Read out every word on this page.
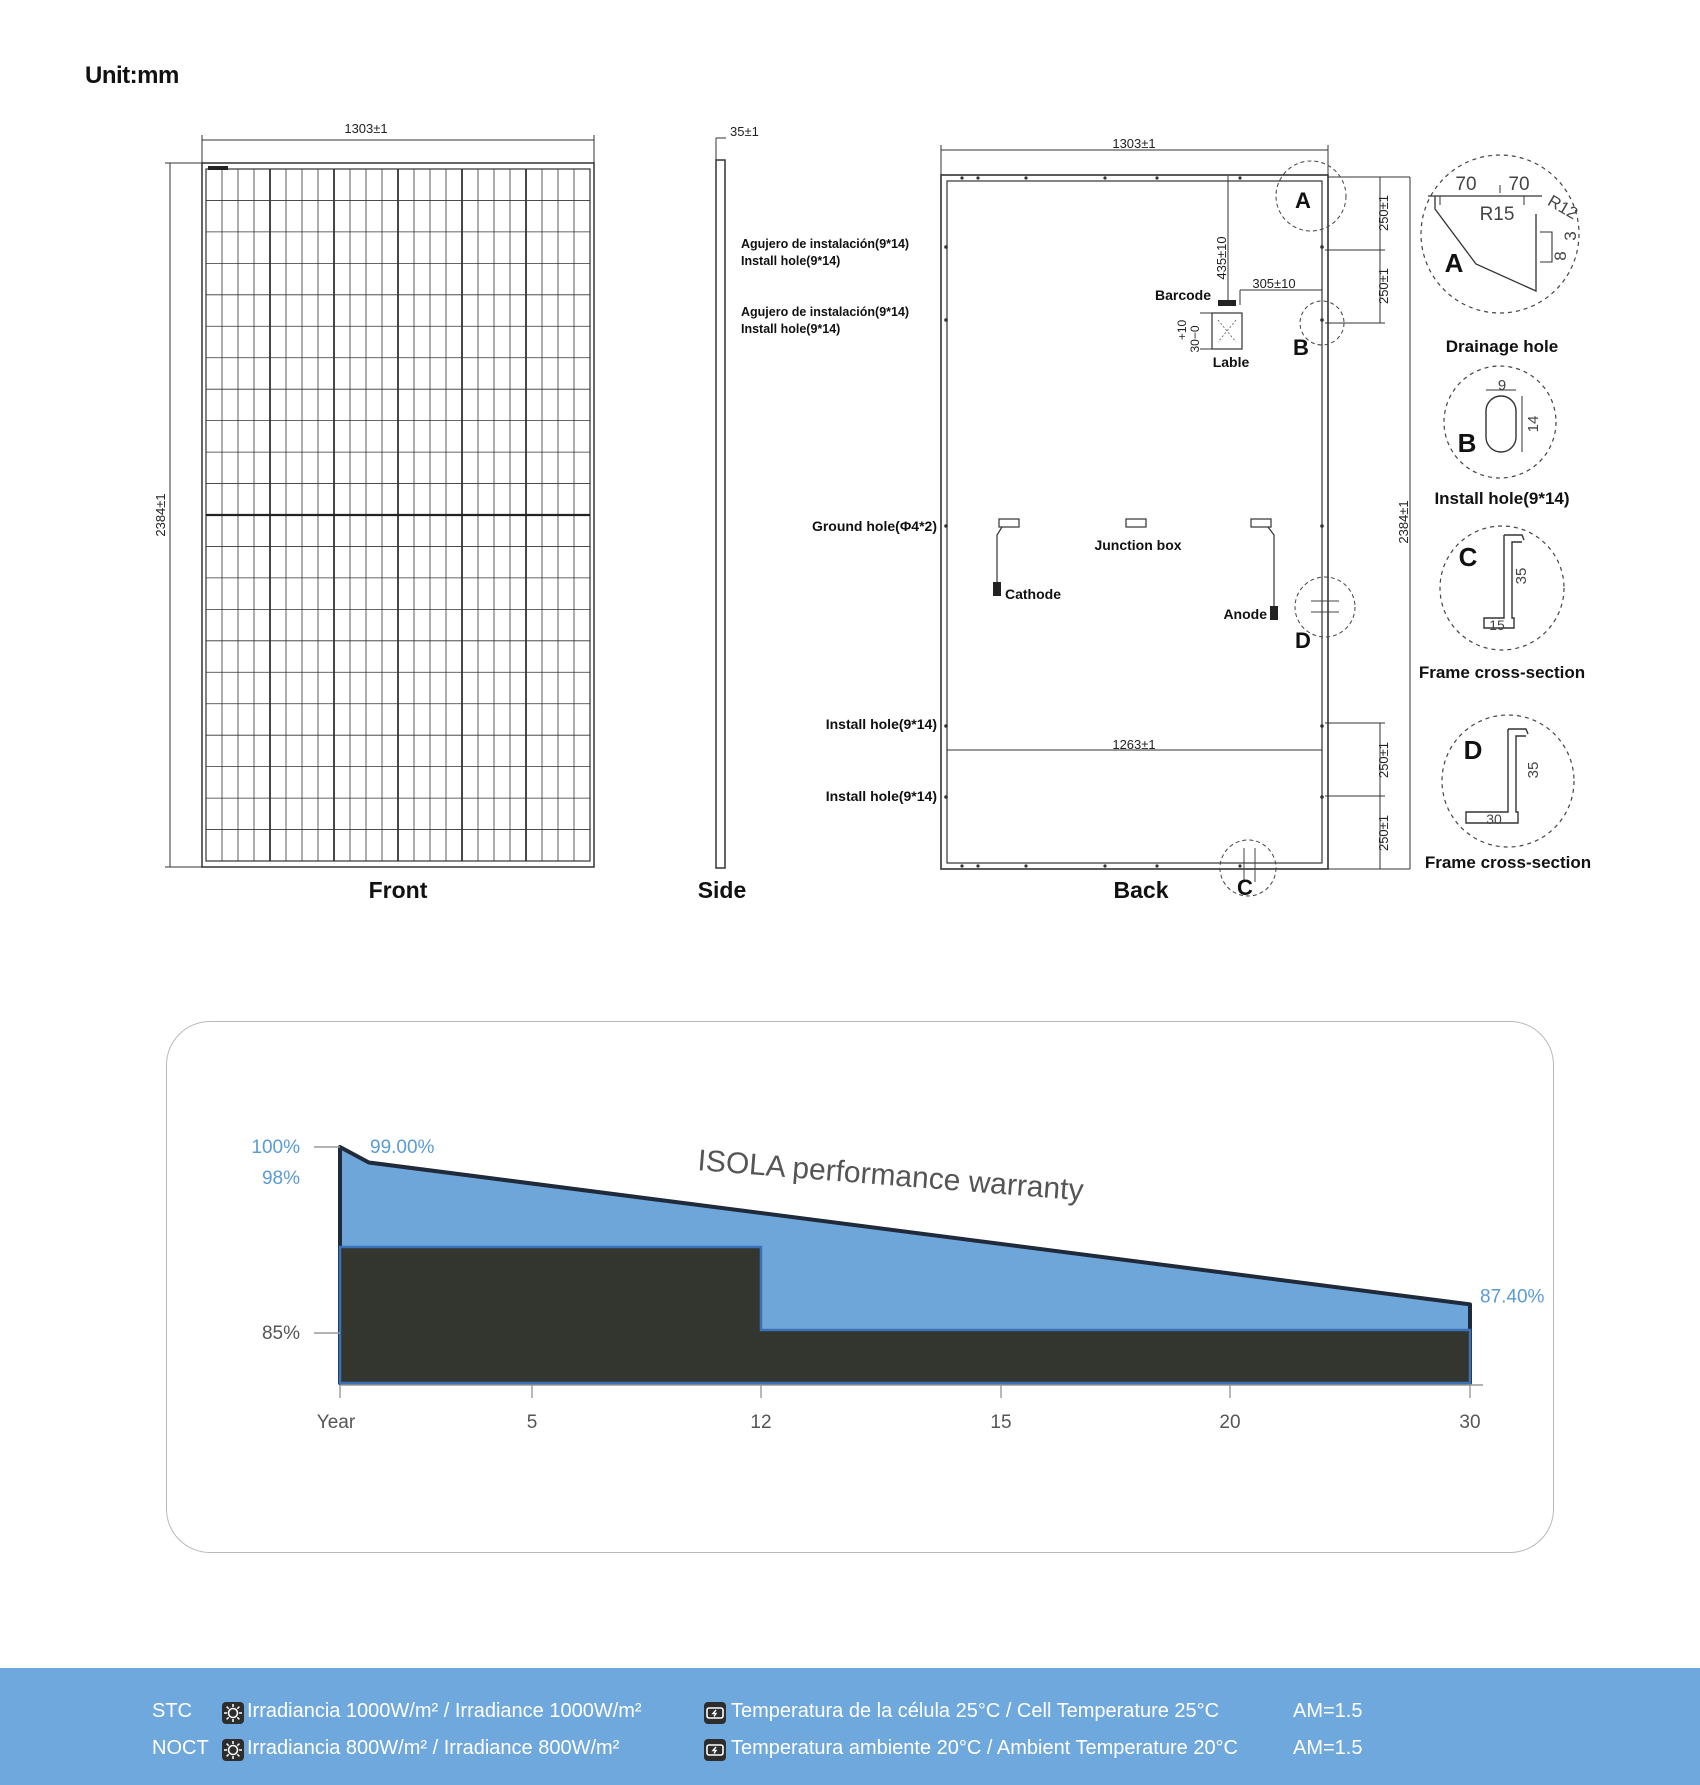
Unit:mm
1303±1
2384±1
Front
35±1
Side
1303±1
250±1
250±1
250±1
250±1
2384±1
1263±1
435±10
305±10
Barcode
+10 30−0
Lable
Agujero de instalación(9*14)
Install hole(9*14)
Agujero de instalación(9*14)
Install hole(9*14)
Ground hole(Φ4*2)
Install hole(9*14)
Install hole(9*14)
Junction box
Cathode
Anode
A
B
D
C
Back
70 70
R15 R12
3
8
A
Drainage hole
9
14
B
Install hole(9*14)
35
15
C
Frame cross-section
35
30
D
Frame cross-section
Year	5	12	15	20	30
100%
98%
85%
99.00%
87.40%
ISOLA performance warranty
STC	Irradiancia 1000W/m² / Irradiance 1000W/m²	Temperatura de la célula 25°C / Cell Temperature 25°C	AM=1.5
NOCT Irradiancia 800W/m² / Irradiance 800W/m²	Temperatura ambiente 20°C / Ambient Temperature 20°C	AM=1.5
